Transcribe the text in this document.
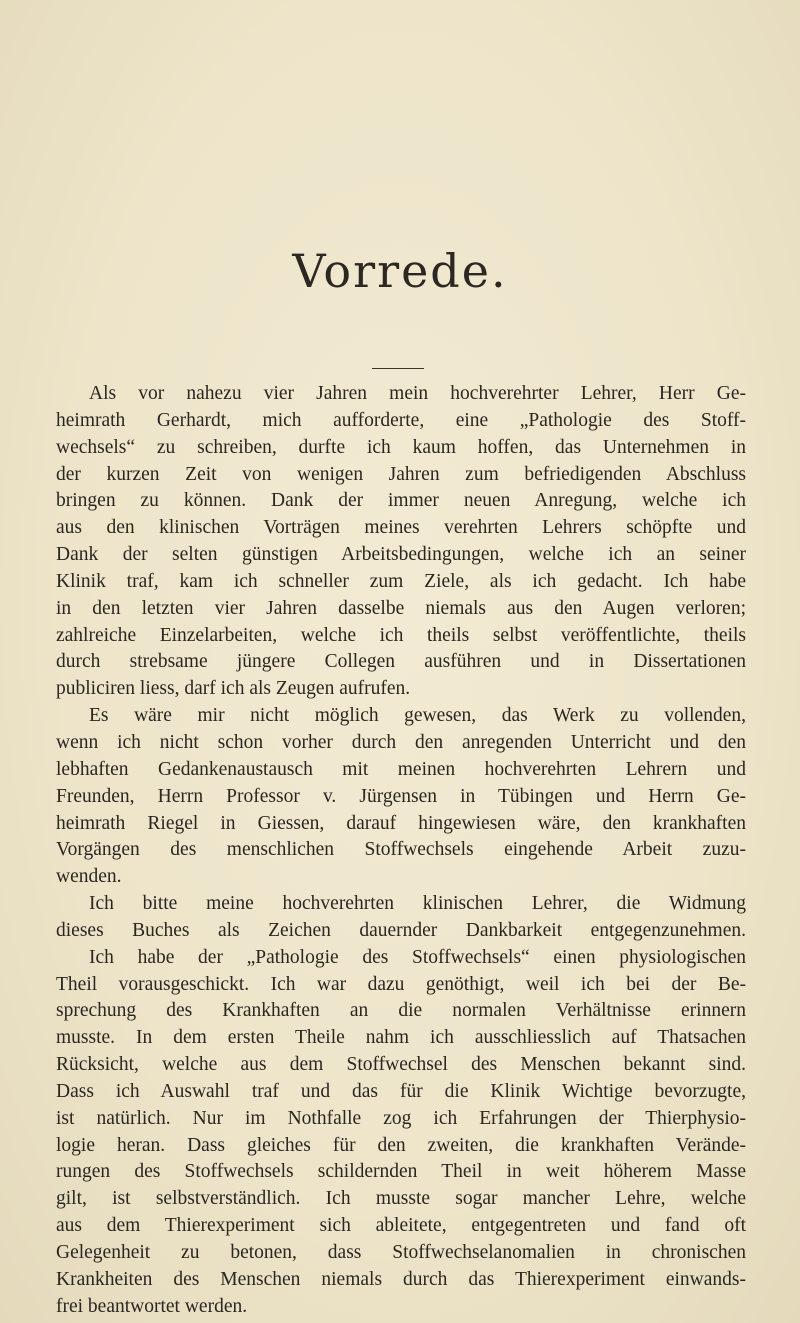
Vorrede.
Als vor nahezu vier Jahren mein hochverehrter Lehrer, Herr Ge-
heimrath Gerhardt, mich aufforderte, eine „Pathologie des Stoff-
wechsels“ zu schreiben, durfte ich kaum hoffen, das Unternehmen in
der kurzen Zeit von wenigen Jahren zum befriedigenden Abschluss
bringen zu können. Dank der immer neuen Anregung, welche ich
aus den klinischen Vorträgen meines verehrten Lehrers schöpfte und
Dank der selten günstigen Arbeitsbedingungen, welche ich an seiner
Klinik traf, kam ich schneller zum Ziele, als ich gedacht. Ich habe
in den letzten vier Jahren dasselbe niemals aus den Augen verloren;
zahlreiche Einzelarbeiten, welche ich theils selbst veröffentlichte, theils
durch strebsame jüngere Collegen ausführen und in Dissertationen
publiciren liess, darf ich als Zeugen aufrufen.
Es wäre mir nicht möglich gewesen, das Werk zu vollenden,
wenn ich nicht schon vorher durch den anregenden Unterricht und den
lebhaften Gedankenaustausch mit meinen hochverehrten Lehrern und
Freunden, Herrn Professor v. Jürgensen in Tübingen und Herrn Ge-
heimrath Riegel in Giessen, darauf hingewiesen wäre, den krankhaften
Vorgängen des menschlichen Stoffwechsels eingehende Arbeit zuzu-
wenden.
Ich bitte meine hochverehrten klinischen Lehrer, die Widmung
dieses Buches als Zeichen dauernder Dankbarkeit entgegenzunehmen.
Ich habe der „Pathologie des Stoffwechsels“ einen physiologischen
Theil vorausgeschickt. Ich war dazu genöthigt, weil ich bei der Be-
sprechung des Krankhaften an die normalen Verhältnisse erinnern
musste. In dem ersten Theile nahm ich ausschliesslich auf Thatsachen
Rücksicht, welche aus dem Stoffwechsel des Menschen bekannt sind.
Dass ich Auswahl traf und das für die Klinik Wichtige bevorzugte,
ist natürlich. Nur im Nothfalle zog ich Erfahrungen der Thierphysio-
logie heran. Dass gleiches für den zweiten, die krankhaften Verände-
rungen des Stoffwechsels schildernden Theil in weit höherem Masse
gilt, ist selbstverständlich. Ich musste sogar mancher Lehre, welche
aus dem Thierexperiment sich ableitete, entgegentreten und fand oft
Gelegenheit zu betonen, dass Stoffwechselanomalien in chronischen
Krankheiten des Menschen niemals durch das Thierexperiment einwands-
frei beantwortet werden.
